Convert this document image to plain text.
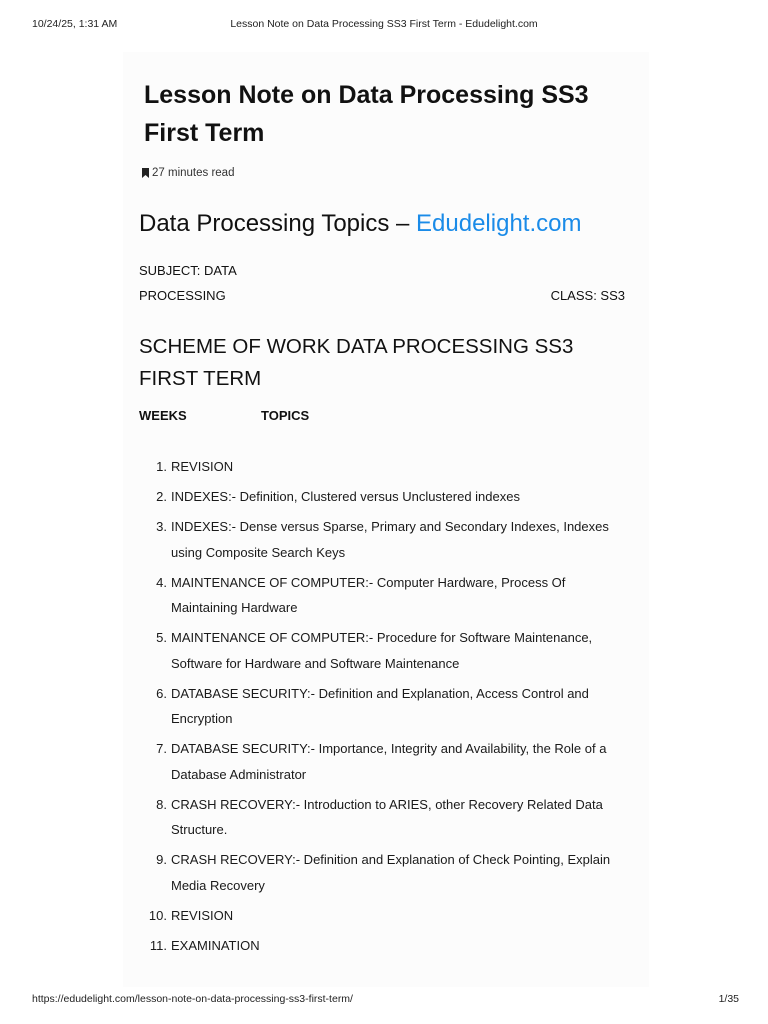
10/24/25, 1:31 AM	Lesson Note on Data Processing SS3 First Term - Edudelight.com
Lesson Note on Data Processing SS3 First Term
27 minutes read
Data Processing Topics – Edudelight.com
SUBJECT: DATA
PROCESSING	CLASS: SS3
SCHEME OF WORK DATA PROCESSING SS3 FIRST TERM
WEEKS	TOPICS
1. REVISION
2. INDEXES:- Definition, Clustered versus Unclustered indexes
3. INDEXES:- Dense versus Sparse, Primary and Secondary Indexes, Indexes using Composite Search Keys
4. MAINTENANCE OF COMPUTER:- Computer Hardware, Process Of Maintaining Hardware
5. MAINTENANCE OF COMPUTER:- Procedure for Software Maintenance, Software for Hardware and Software Maintenance
6. DATABASE SECURITY:- Definition and Explanation, Access Control and Encryption
7. DATABASE SECURITY:- Importance, Integrity and Availability, the Role of a Database Administrator
8. CRASH RECOVERY:- Introduction to ARIES, other Recovery Related Data Structure.
9. CRASH RECOVERY:- Definition and Explanation of Check Pointing, Explain Media Recovery
10. REVISION
11. EXAMINATION
https://edudelight.com/lesson-note-on-data-processing-ss3-first-term/	1/35
